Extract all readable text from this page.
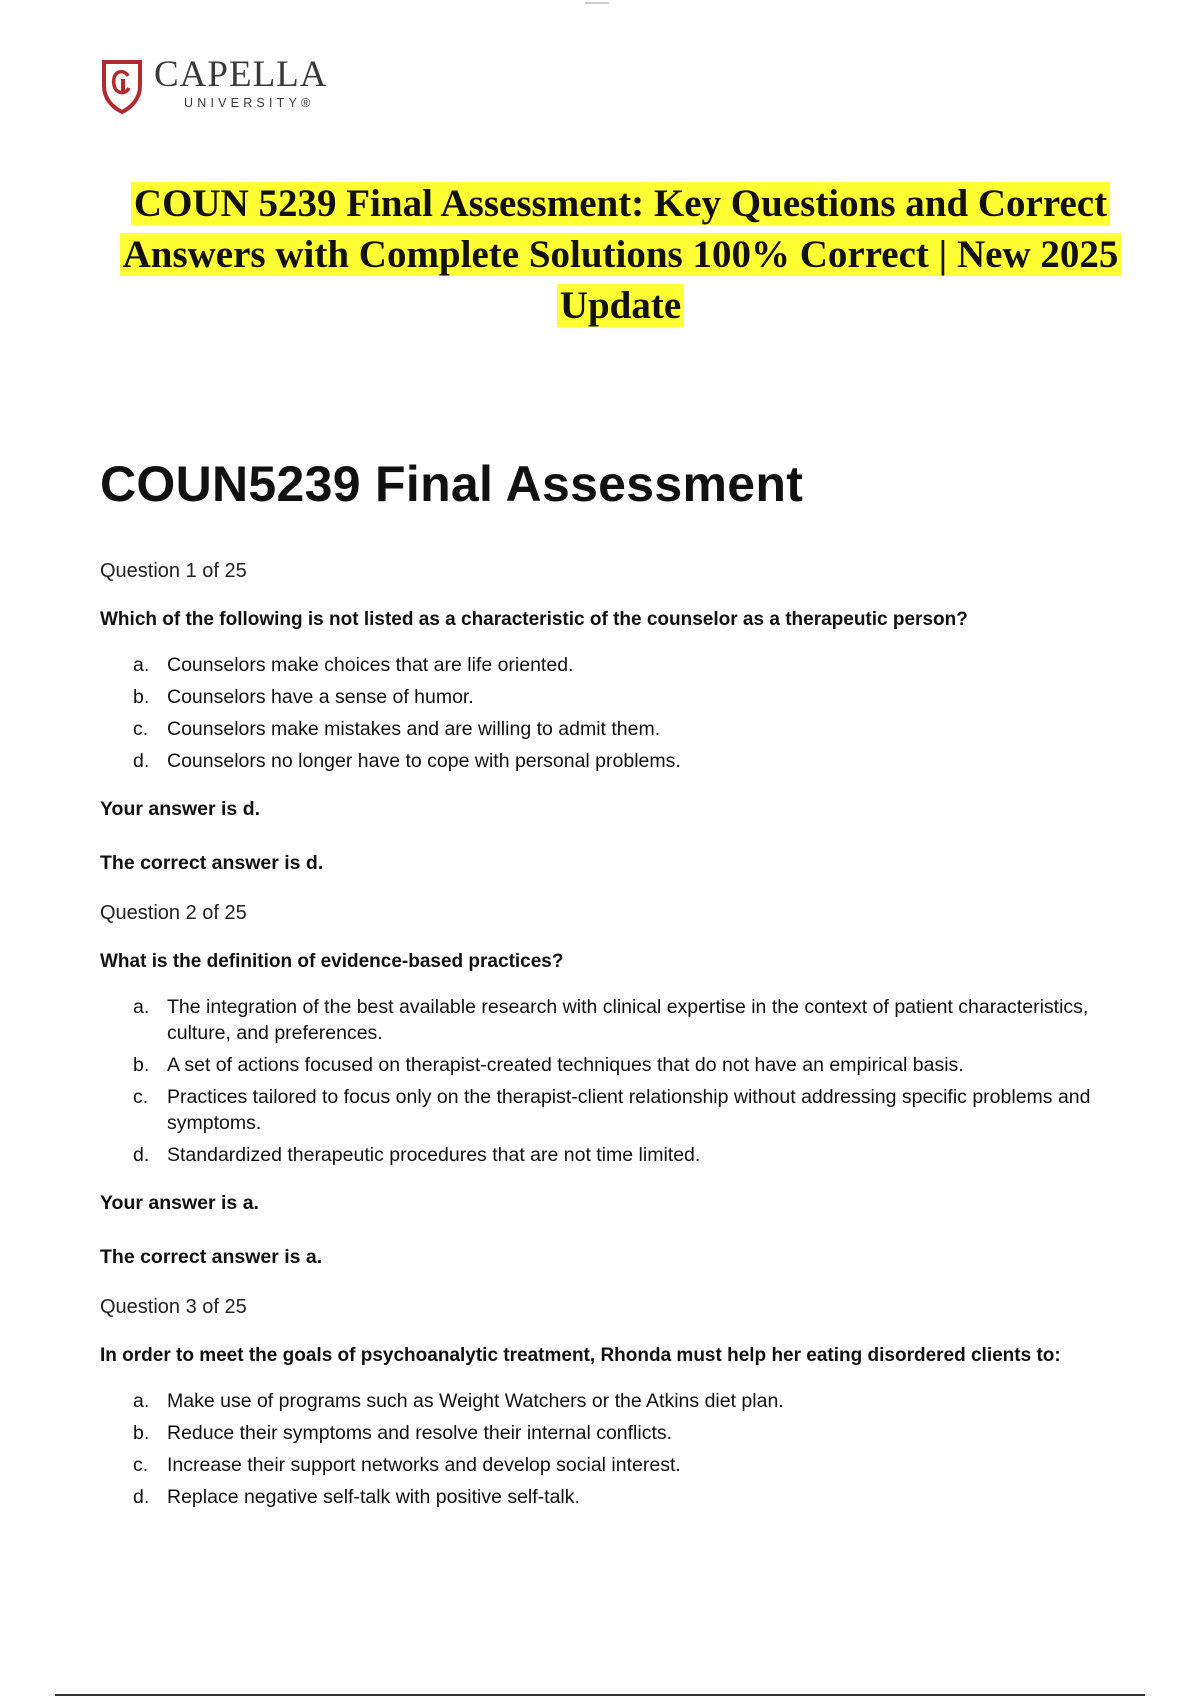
CAPELLA
UNIVERSITY®
COUN 5239 Final Assessment: Key Questions and Correct Answers with Complete Solutions 100% Correct | New 2025 Update
COUN5239 Final Assessment

Question 1 of 25

Which of the following is not listed as a characteristic of the counselor as a therapeutic person?

a. Counselors make choices that are life oriented.
b. Counselors have a sense of humor.
c. Counselors make mistakes and are willing to admit them.
d. Counselors no longer have to cope with personal problems.

Your answer is d.

The correct answer is d.

Question 2 of 25

What is the definition of evidence-based practices?

a. The integration of the best available research with clinical expertise in the context of patient characteristics, culture, and preferences.
b. A set of actions focused on therapist-created techniques that do not have an empirical basis.
c. Practices tailored to focus only on the therapist-client relationship without addressing specific problems and symptoms.
d. Standardized therapeutic procedures that are not time limited.

Your answer is a.

The correct answer is a.

Question 3 of 25

In order to meet the goals of psychoanalytic treatment, Rhonda must help her eating disordered clients to:

a. Make use of programs such as Weight Watchers or the Atkins diet plan.
b. Reduce their symptoms and resolve their internal conflicts.
c. Increase their support networks and develop social interest.
d. Replace negative self-talk with positive self-talk.
